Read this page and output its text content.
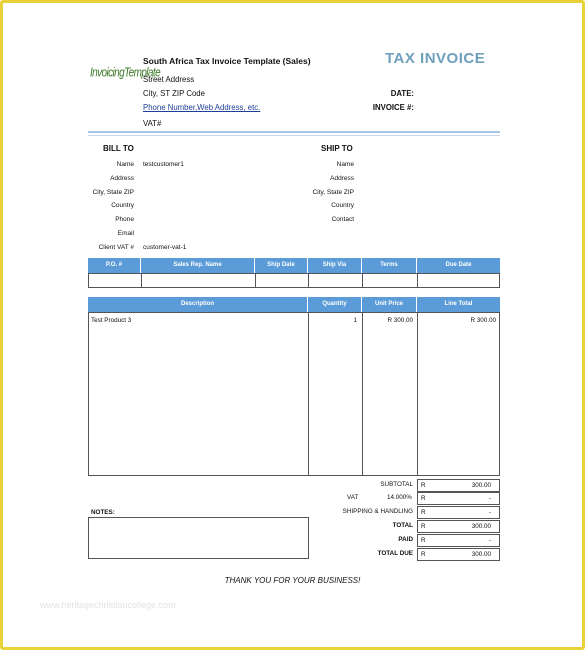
InvoicingTemplate
South Africa Tax Invoice Template (Sales)
Street Address
City, ST ZIP Code
Phone Number,Web Address, etc.
VAT#
TAX INVOICE
DATE:
INVOICE #:
BILL TO	SHIP TO
Name testcustomer1
Address
City, State ZIP
Country
Phone
Email
Client VAT # customer-vat-1
Name
Address
City, State ZIP
Country
Contact
P.O. #	Sales Rep. Name	Ship Date	Ship Via	Terms	Due Date
Description	Quantity	Unit Price	Line Total
Test Product 3	1	R 300.00	R 300.00
SUBTOTAL R	300.00
VAT	14.000% R	-
SHIPPING & HANDLING R	-
TOTAL R	300.00
PAID R	-
TOTAL DUE R	300.00
NOTES:
THANK YOU FOR YOUR BUSINESS!
www.heritagechristiancollege.com
